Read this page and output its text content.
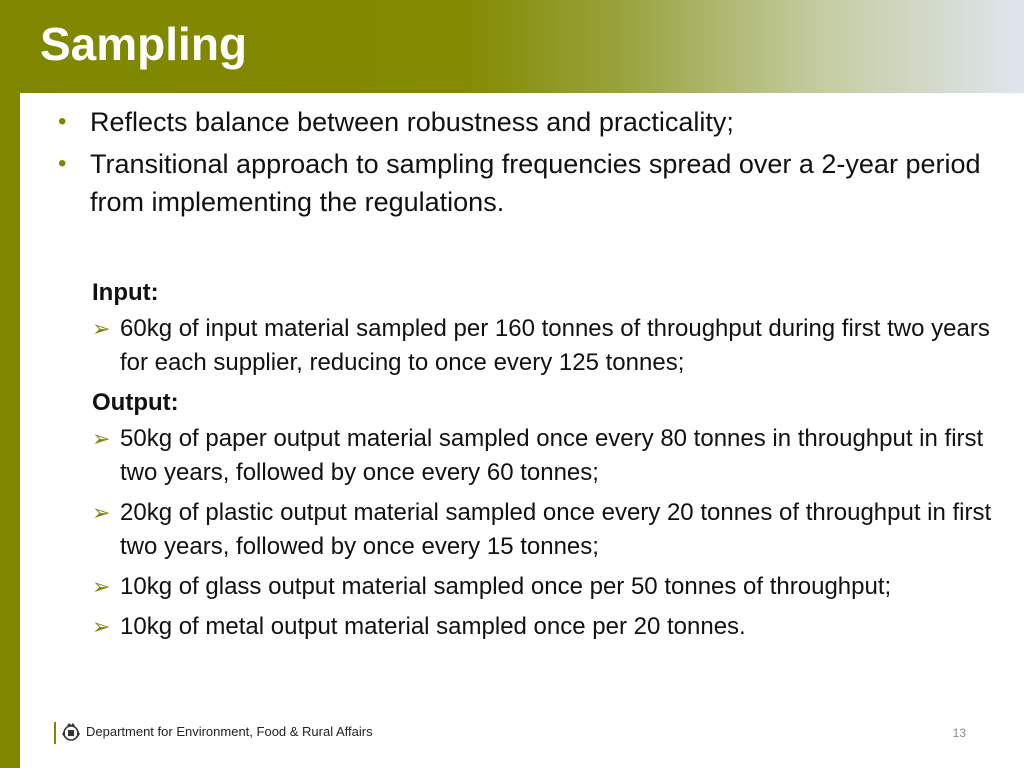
Sampling
• Reflects balance between robustness and practicality;
• Transitional approach to sampling frequencies spread over a 2-year period from implementing the regulations.
Input:
➢ 60kg of input material sampled per 160 tonnes of throughput during first two years for each supplier, reducing to once every 125 tonnes;
Output:
➢ 50kg of paper output material sampled once every 80 tonnes in throughput in first two years, followed by once every 60 tonnes;
➢ 20kg of plastic output material sampled once every 20 tonnes of throughput in first two years, followed by once every 15 tonnes;
➢ 10kg of glass output material sampled once per 50 tonnes of throughput;
➢ 10kg of metal output material sampled once per 20 tonnes.
Department for Environment, Food & Rural Affairs	13
